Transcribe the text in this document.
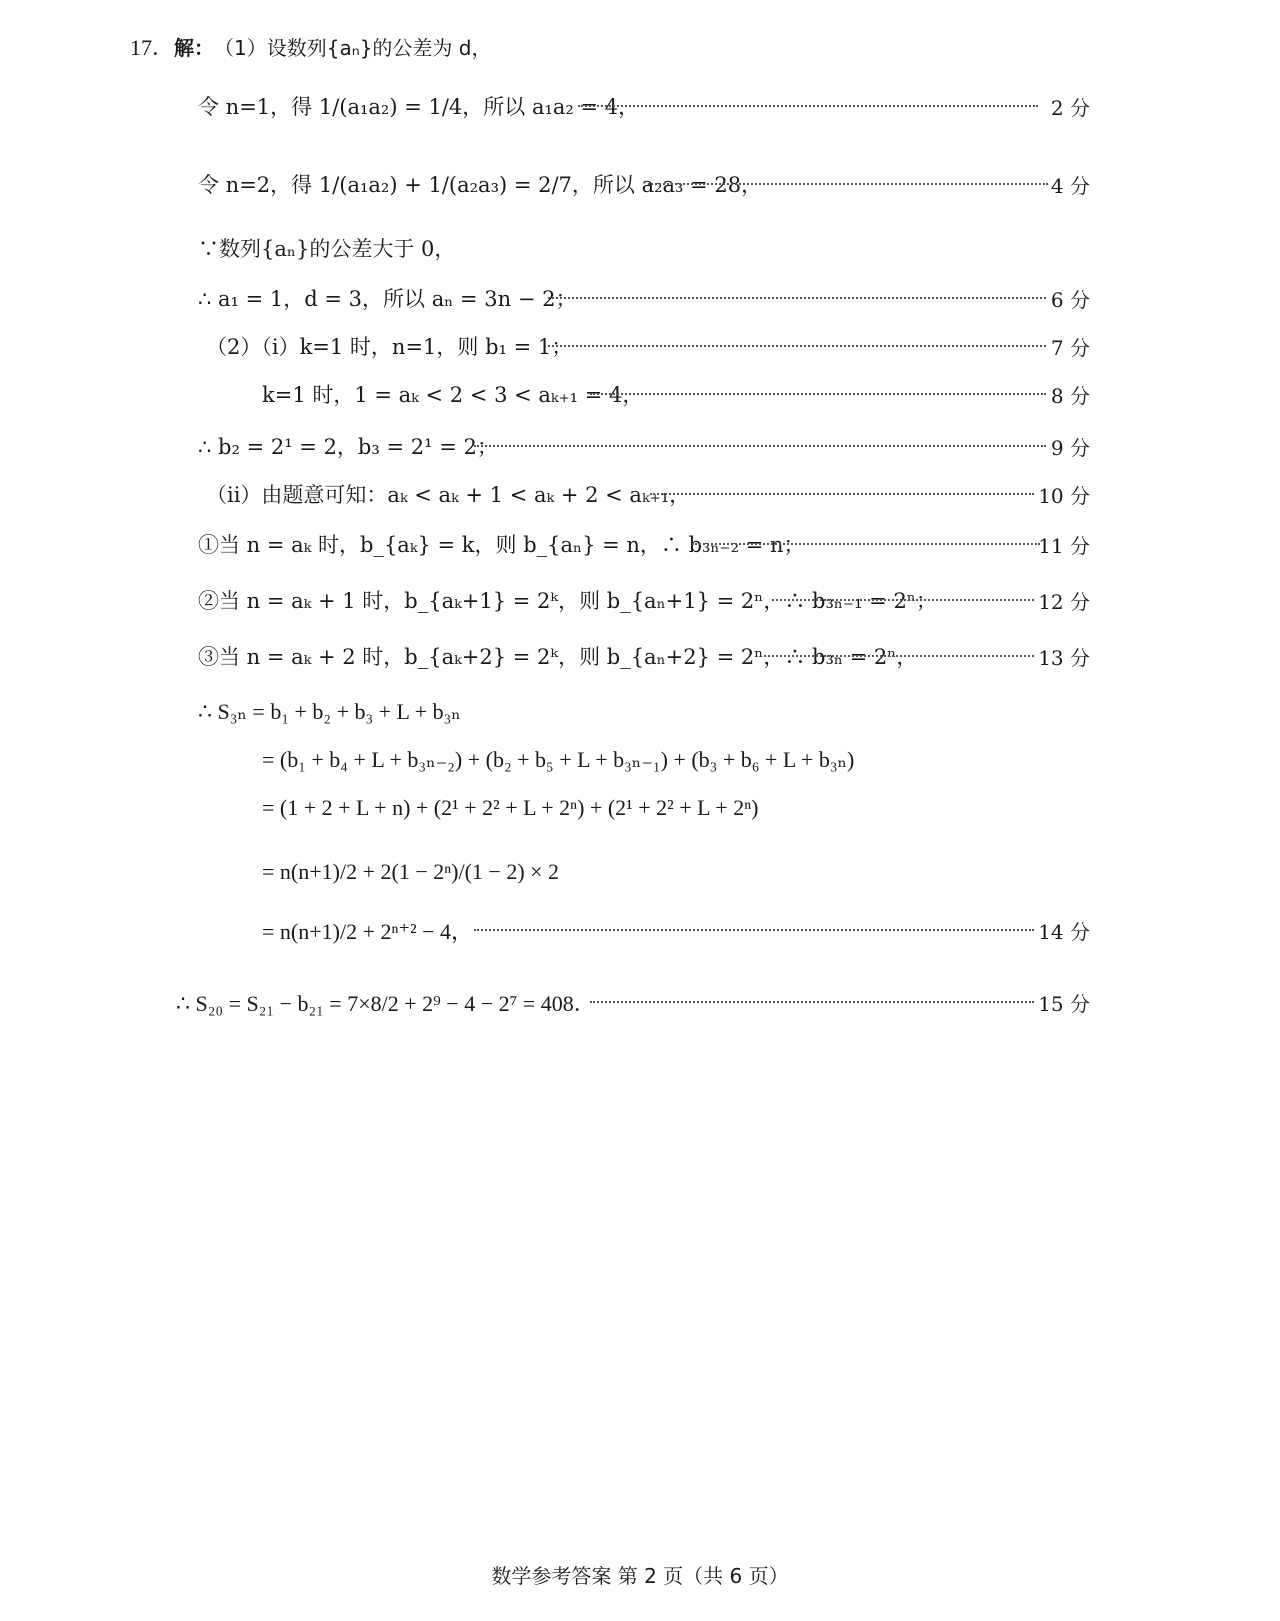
17． 解： （1）设数列{aₙ}的公差为 d，
令 n=1，得 1/(a₁a₂) = 1/4，所以 a₁a₂ = 4，	2 分
令 n=2，得 1/(a₁a₂) + 1/(a₂a₃) = 2/7，所以 a₂a₃ = 28，	4 分
∵数列{aₙ}的公差大于 0，
∴ a₁ = 1，d = 3，所以 aₙ = 3n − 2；	6 分
（2）（i）k=1 时，n=1，则 b₁ = 1；	7 分
k=1 时，1 = aₖ < 2 < 3 < aₖ₊₁ = 4，	8 分
∴ b₂ = 2¹ = 2，b₃ = 2¹ = 2；	9 分
（ii）由题意可知：aₖ < aₖ + 1 < aₖ + 2 < aₖ₊₁，	10 分
①当 n = aₖ 时，b_{aₖ} = k，则 b_{aₙ} = n，∴ b₃ₙ₋₂ = n；	11 分
②当 n = aₖ + 1 时，b_{aₖ+1} = 2ᵏ，则 b_{aₙ+1} = 2ⁿ，∴ b₃ₙ₋₁ = 2ⁿ；	12 分
③当 n = aₖ + 2 时，b_{aₖ+2} = 2ᵏ，则 b_{aₙ+2} = 2ⁿ，∴ b₃ₙ = 2ⁿ，	13 分
∴ S₃ₙ = b₁ + b₂ + b₃ + L + b₃ₙ
= (b₁ + b₄ + L + b₃ₙ₋₂) + (b₂ + b₅ + L + b₃ₙ₋₁) + (b₃ + b₆ + L + b₃ₙ)
= (1 + 2 + L + n) + (2¹ + 2² + L + 2ⁿ) + (2¹ + 2² + L + 2ⁿ)
= n(n+1)/2 + 2(1 − 2ⁿ)/(1 − 2) × 2
= n(n+1)/2 + 2ⁿ⁺² − 4，	14 分
∴ S₂₀ = S₂₁ − b₂₁ = 7×8/2 + 2⁹ − 4 − 2⁷ = 408．	15 分
数学参考答案 第 2 页（共 6 页）
